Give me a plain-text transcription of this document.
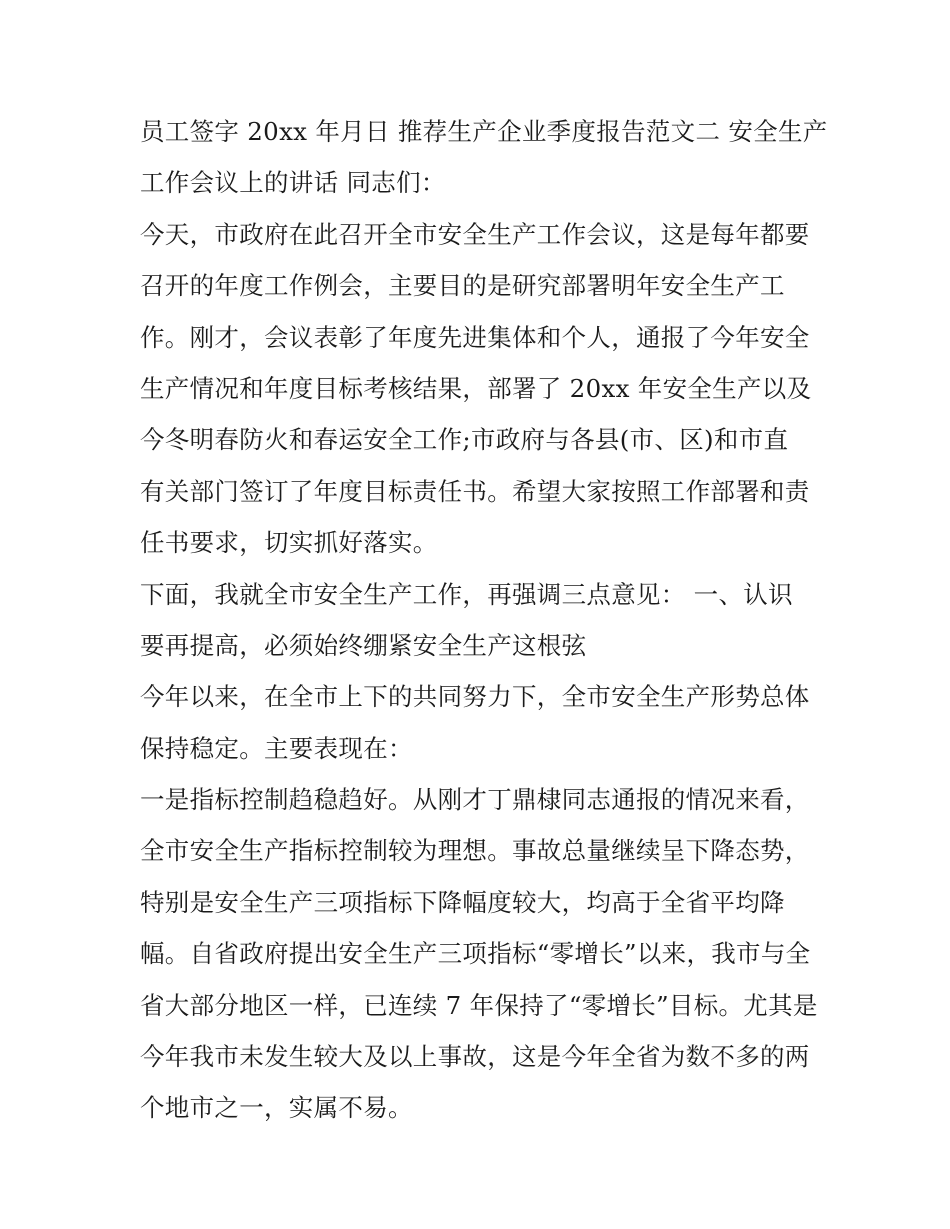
员工签字 20xx 年月日 推荐生产企业季度报告范文二 安全生产
工作会议上的讲话 同志们：
今天，市政府在此召开全市安全生产工作会议，这是每年都要
召开的年度工作例会，主要目的是研究部署明年安全生产工
作。刚才，会议表彰了年度先进集体和个人，通报了今年安全
生产情况和年度目标考核结果，部署了 20xx 年安全生产以及
今冬明春防火和春运安全工作;市政府与各县(市、区)和市直
有关部门签订了年度目标责任书。希望大家按照工作部署和责
任书要求，切实抓好落实。
下面，我就全市安全生产工作，再强调三点意见： 一、认识
要再提高，必须始终绷紧安全生产这根弦
今年以来，在全市上下的共同努力下，全市安全生产形势总体
保持稳定。主要表现在：
一是指标控制趋稳趋好。从刚才丁鼎棣同志通报的情况来看，
全市安全生产指标控制较为理想。事故总量继续呈下降态势，
特别是安全生产三项指标下降幅度较大，均高于全省平均降
幅。自省政府提出安全生产三项指标“零增长”以来，我市与全
省大部分地区一样，已连续 7 年保持了“零增长”目标。尤其是
今年我市未发生较大及以上事故，这是今年全省为数不多的两
个地市之一，实属不易。
